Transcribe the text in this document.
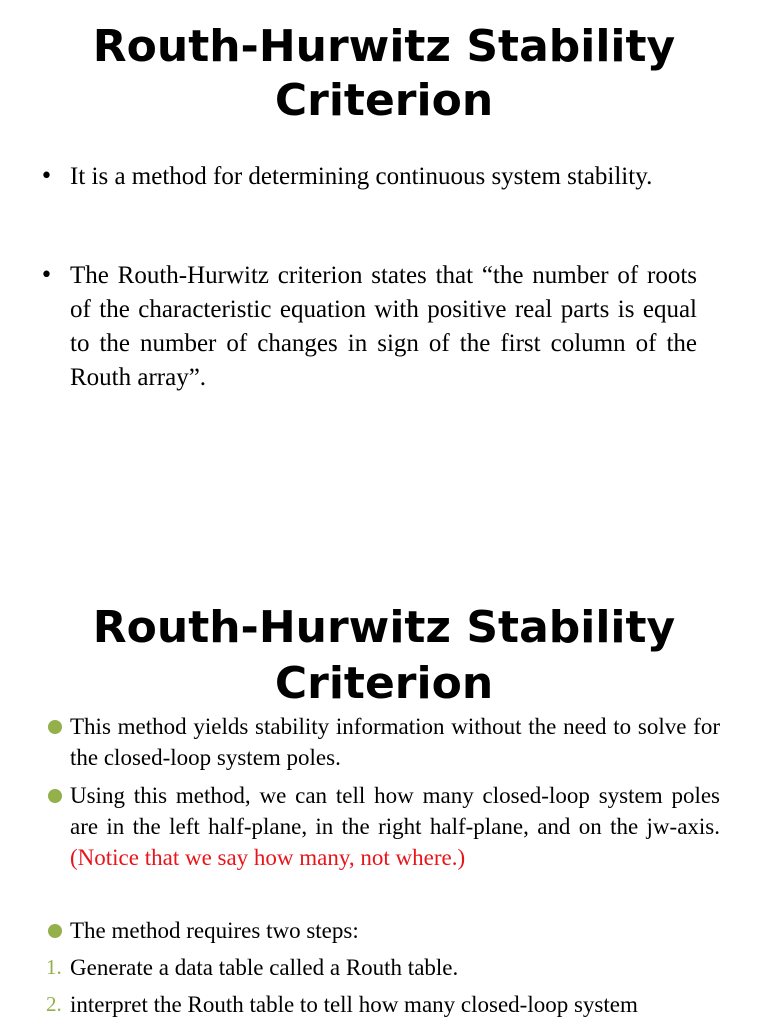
Routh-Hurwitz Stability
Criterion
• It is a method for determining continuous system stability.
• The Routh-Hurwitz criterion states that “the number of roots of the characteristic equation with positive real parts is equal to the number of changes in sign of the first column of the Routh array”.
Routh-Hurwitz Stability
Criterion
This method yields stability information without the need to solve for the closed-loop system poles.
Using this method, we can tell how many closed-loop system poles are in the left half-plane, in the right half-plane, and on the jw-axis. (Notice that we say how many, not where.)
The method requires two steps:
1. Generate a data table called a Routh table.
2. interpret the Routh table to tell how many closed-loop system
